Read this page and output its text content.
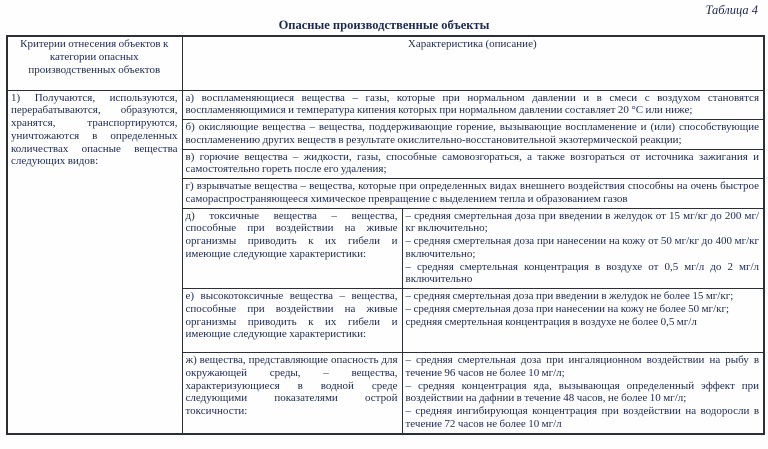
Таблица 4
Опасные производственные объекты
Критерии отнесения объектов к категории опасных производственных объектов	Характеристика (описание)	
1) Получаются, используются, перерабатываются, образуются, хранятся, транспортируются, уничтожаются в определенных количествах опасные вещества следующих видов:	а) воспламеняющиеся вещества – газы, которые при нормальном давлении и в смеси с воздухом становятся воспламеняющимися и температура кипения которых при нормальном давлении составляет 20 °C или ниже;	
	б) окисляющие вещества – вещества, поддерживающие горение, вызывающие воспламенение и (или) способствующие воспламенению других веществ в результате окислительно-восстановительной экзотермической реакции;	
	в) горючие вещества – жидкости, газы, способные самовозгораться, а также возгораться от источника зажигания и самостоятельно гореть после его удаления;	
	г) взрывчатые вещества – вещества, которые при определенных видах внешнего воздействия способны на очень быстрое самораспространяющееся химическое превращение с выделением тепла и образованием газов	
	д) токсичные вещества – вещества, способные при воздействии на живые организмы приводить к их гибели и имеющие следующие характеристики:	– средняя смертельная доза при введении в желудок от 15 мг/кг до 200 мг/кг включительно;
– средняя смертельная доза при нанесении на кожу от 50 мг/кг до 400 мг/кг включительно;
– средняя смертельная концентрация в воздухе от 0,5 мг/л до 2 мг/л включительно

	е) высокотоксичные вещества – вещества, способные при воздействии на живые организмы приводить к их гибели и имеющие следующие характеристики:	– средняя смертельная доза при введении в желудок не более 15 мг/кг;
– средняя смертельная доза при нанесении на кожу не более 50 мг/кг;
средняя смертельная концентрация в воздухе не более 0,5 мг/л

	ж) вещества, представляющие опасность для окружающей среды, – вещества, характеризующиеся в водной среде следующими показателями острой токсичности:	– средняя смертельная доза при ингаляционном воздействии на рыбу в течение 96 часов не более 10 мг/л;
– средняя концентрация яда, вызывающая определенный эффект при воздействии на дафнии в течение 48 часов, не более 10 мг/л;
– средняя ингибирующая концентрация при воздействии на водоросли в течение 72 часов не более 10 мг/л
